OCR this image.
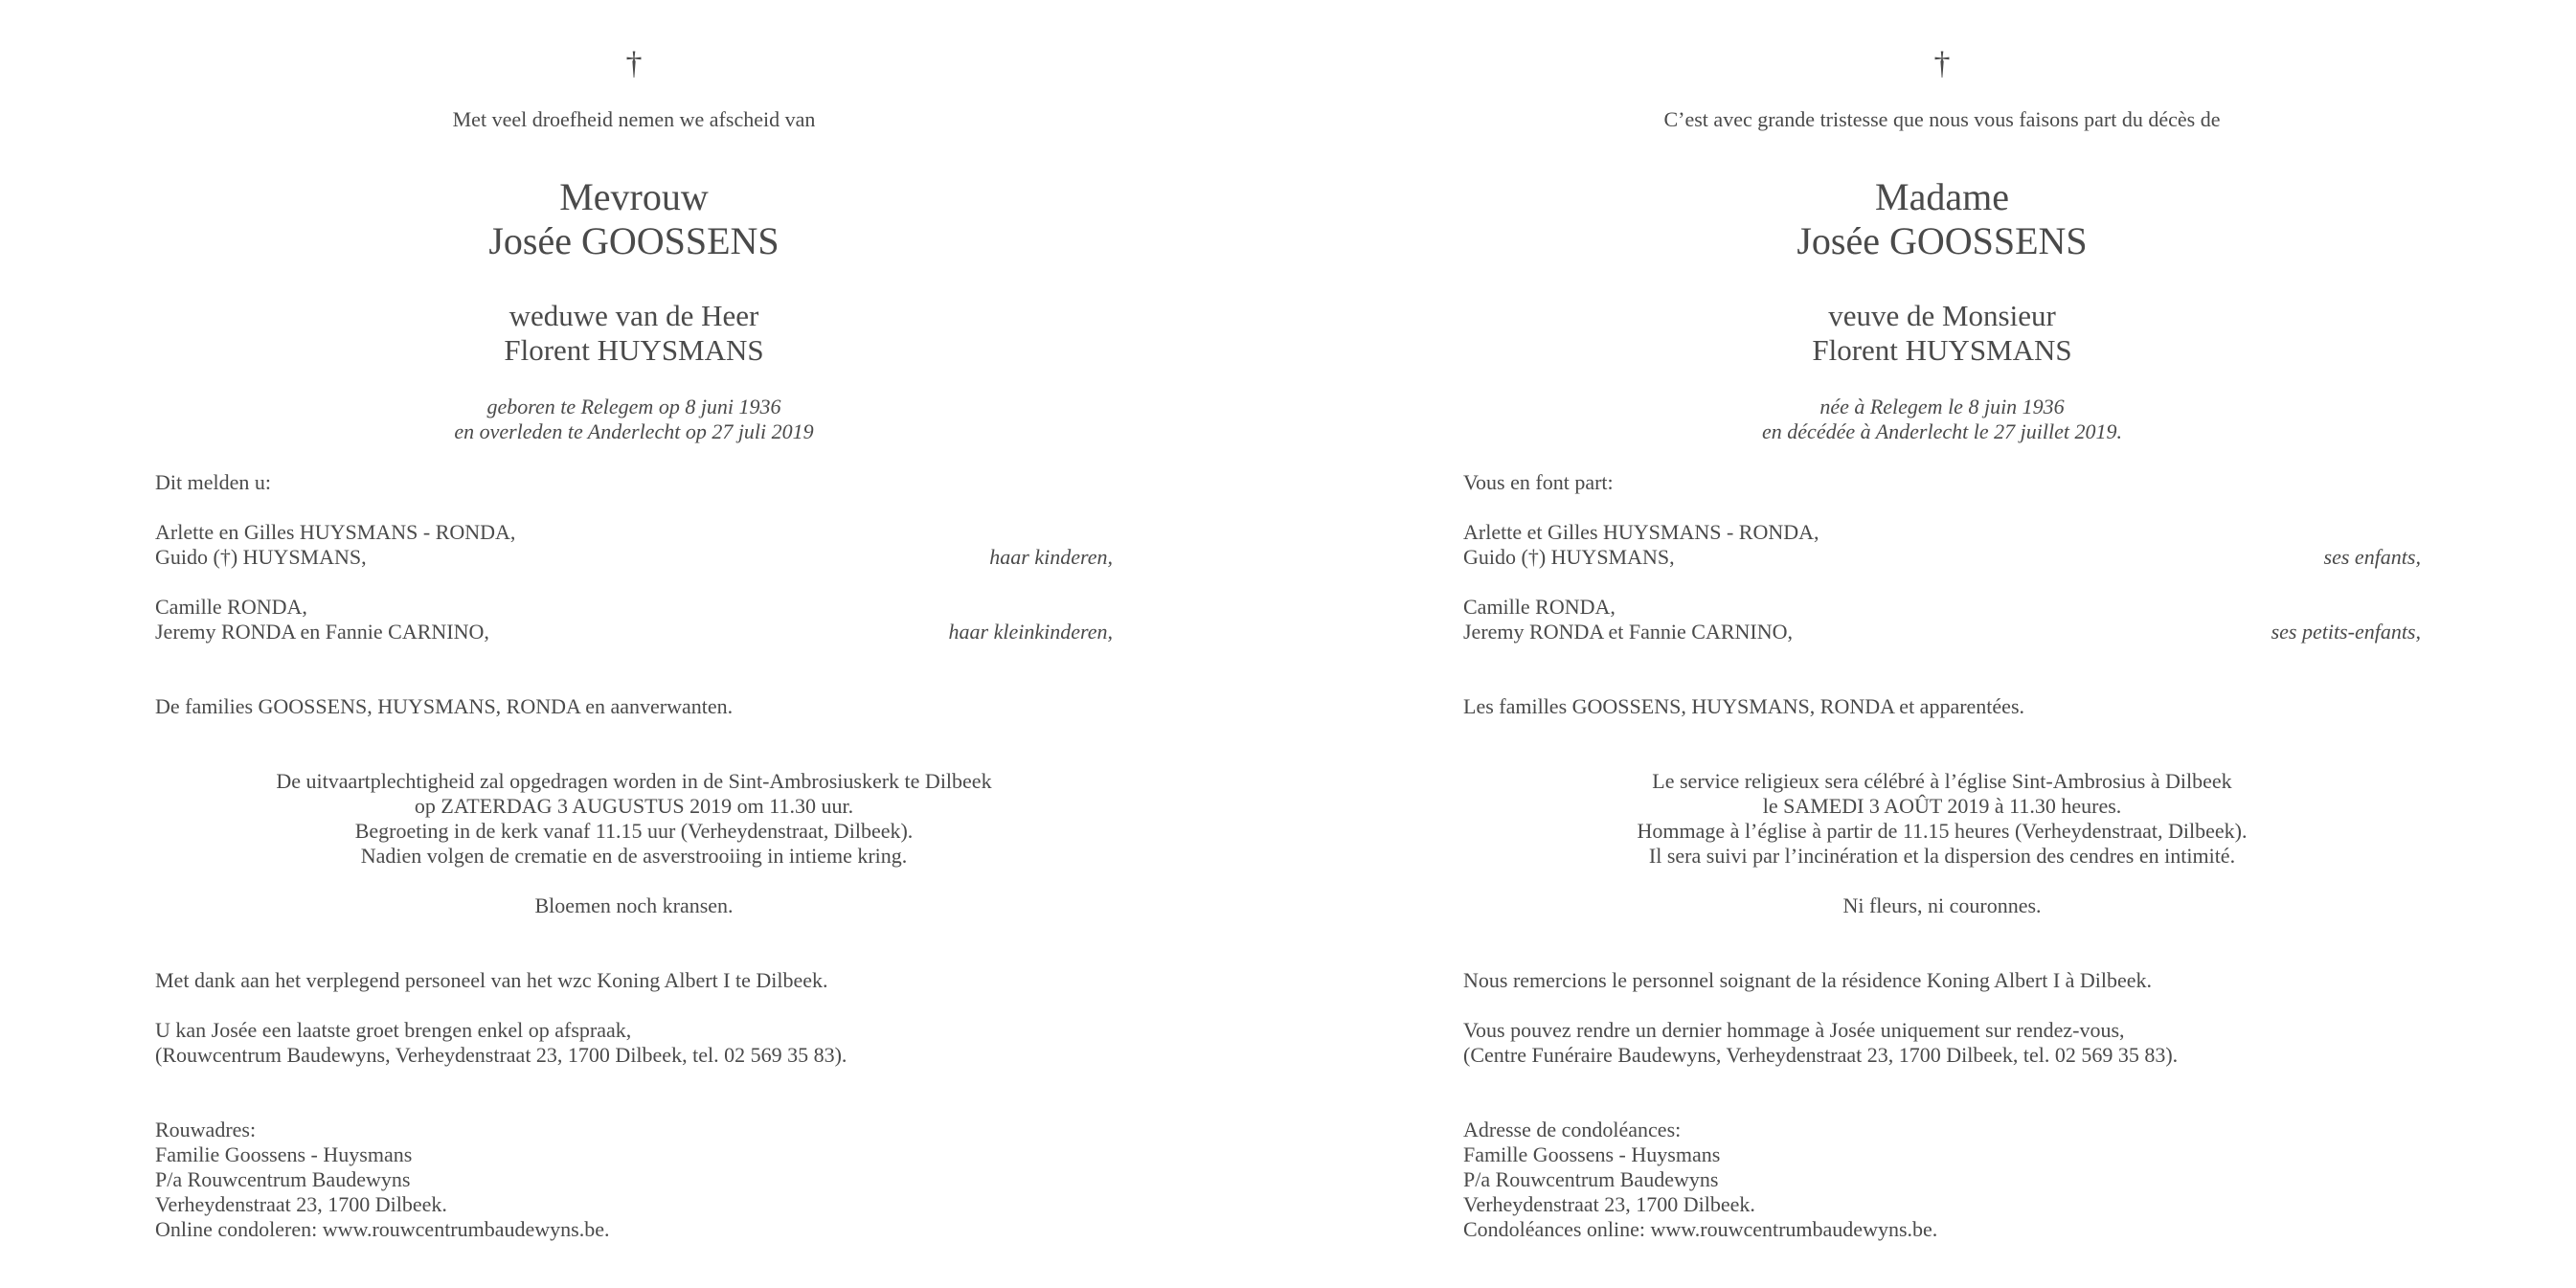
†
Met veel droefheid nemen we afscheid van
Mevrouw
Josée GOOSSENS
weduwe van de Heer
Florent HUYSMANS
geboren te Relegem op 8 juni 1936
en overleden te Anderlecht op 27 juli 2019
Dit melden u:
Arlette en Gilles HUYSMANS - RONDA,
Guido (†) HUYSMANS,	haar kinderen,
Camille RONDA,
Jeremy RONDA en Fannie CARNINO,	haar kleinkinderen,
De families GOOSSENS, HUYSMANS, RONDA en aanverwanten.
De uitvaartplechtigheid zal opgedragen worden in de Sint-Ambrosiuskerk te Dilbeek
op ZATERDAG 3 AUGUSTUS 2019 om 11.30 uur.
Begroeting in de kerk vanaf 11.15 uur (Verheydenstraat, Dilbeek).
Nadien volgen de crematie en de asverstrooiing in intieme kring.
Bloemen noch kransen.
Met dank aan het verplegend personeel van het wzc Koning Albert I te Dilbeek.
U kan Josée een laatste groet brengen enkel op afspraak,
(Rouwcentrum Baudewyns, Verheydenstraat 23, 1700 Dilbeek, tel. 02 569 35 83).
Rouwadres:
Familie Goossens - Huysmans
P/a Rouwcentrum Baudewyns
Verheydenstraat 23, 1700 Dilbeek.
Online condoleren: www.rouwcentrumbaudewyns.be.
†
C’est avec grande tristesse que nous vous faisons part du décès de
Madame
Josée GOOSSENS
veuve de Monsieur
Florent HUYSMANS
née à Relegem le 8 juin 1936
en décédée à Anderlecht le 27 juillet 2019.
Vous en font part:
Arlette et Gilles HUYSMANS - RONDA,
Guido (†) HUYSMANS,	ses enfants,
Camille RONDA,
Jeremy RONDA et Fannie CARNINO,	ses petits-enfants,
Les familles GOOSSENS, HUYSMANS, RONDA et apparentées.
Le service religieux sera célébré à l’église Sint-Ambrosius à Dilbeek
le SAMEDI 3 AOÛT 2019 à 11.30 heures.
Hommage à l’église à partir de 11.15 heures (Verheydenstraat, Dilbeek).
Il sera suivi par l’incinération et la dispersion des cendres en intimité.
Ni fleurs, ni couronnes.
Nous remercions le personnel soignant de la résidence Koning Albert I à Dilbeek.
Vous pouvez rendre un dernier hommage à Josée uniquement sur rendez-vous,
(Centre Funéraire Baudewyns, Verheydenstraat 23, 1700 Dilbeek, tel. 02 569 35 83).
Adresse de condoléances:
Famille Goossens - Huysmans
P/a Rouwcentrum Baudewyns
Verheydenstraat 23, 1700 Dilbeek.
Condoléances online: www.rouwcentrumbaudewyns.be.
